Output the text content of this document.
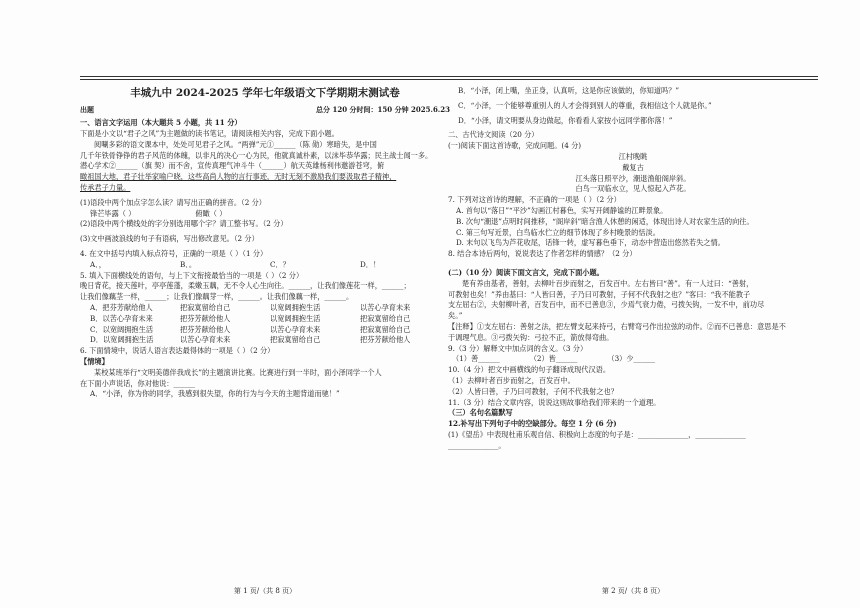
丰城九中 2024-2025 学年七年级语文下学期期末测试卷
出题	总分 120 分时间：150 分钟 2025.6.23

一、语言文字运用（本大题共 5 小题，共 11 分）

下面是小文以“君子之风”为主题做的读书笔记，请阅读相关内容，完成下面小题。

阅唰多彩的语文课本中，处处可见君子之风。“两弹”元①______（陈 勋）寒暗失，是中国

几千年铁骨铮铮的君子风范的体魄，以非凡的决心一心为民，他就真诚朴素，以沫毕恭华露；民主战士闻一多。

潜心学术②______（旗 契）而不舍，宣传真理气冲斗牛（______）航天英雄杨利伟邀游苍穹，俯

瞰祖国大地，君子壮举家喻户晓，这些高尚人物的言行事迹，无时无刻不激励我们要汲取君子精神，

传承君子力量。

(1)语段中两个加点字怎么读？请写出正确的拼音。（2 分）

锋芒毕露（ ）	俯瞰（ ）

(2)语段中两个横线处的字分别选用哪个字？请工整书写。（2 分）

(3)文中画波浪线的句子有语病，写出修改意见。（2 分）

4. 在文中括号内填入标点符号，正确的一项是（ ）（1 分）

A．，	B．。	C．？	D．！

5. 填入下面横线处的语句，与上下文衔接最恰当的一项是（ ）（2 分）

晚日背花，接天莲叶，亭亭莲蓬，柔嫩玉藕，无不令人心生向往。______，让我们像莲花一样，______；

让我们像藕茎一样，______；让我们像藕芽一样，______。让我们像藕一样，______。

A．把芬芳献给他人	把寂寞留给自己	以宽阔拥抱生活	以苦心孕育未来
B．以苦心孕育未来	把芬芳献给他人	以宽阔拥抱生活	把寂寞留给自己
C．以宽阔拥抱生活	把芬芳献给他人	以苦心孕育未来	把寂寞留给自己
D．以宽阔拥抱生活	以苦心孕育未来	把寂寞留给自己	把芬芳献给他人

6. 下面情境中，说话人语言表达最得体的一项是（ ）（2 分）

【情境】

某校某班举行“文明美德伴我成长”的主题演讲比赛。比赛进行到一半时，面小泽同学一个人

在下面小声说话，你对他说：______

A．“小泽，你为你的同学，我感到很失望，你的行为与今天的主题背道而驰！”

第 1 页/（共 8 页）

B．“小泽，闭上嘴，坐正身，认真听，这是你应该做的，你知道吗？”

C．“小泽，一个能够尊重别人的人才会得到别人的尊重，我相信这个人就是你。”

D．“小泽，请文明要从身边做起，你看看人家按小远同学都你落！”

二、古代诗文阅读（20 分）

(一)阅读下面这首诗歌，完成问题。(4 分)

江村晚眺

戴复古

江头落日照平沙，潮退渔船阁岸斜。

白鸟一双临水立，见人惊起入芦花。

7. 下列对这首诗的理解，不正确的一项是（ ）（2 分）

A. 首句以“落日”“平沙”勾画江村暮色，实写开阔静谧的江畔景象。

B. 次句“潮退”点明时间推移，“阁岸斜”暗含渔人休憩的闲适，体现出诗人对农家生活的向往。

C. 第三句写近景，白鸟临水伫立的细节体现了乡村晚景的恬淡。

D. 末句以飞鸟为芦花收尾，话锋一转，虚写暮色垂下，动态中营造出悠然若失之情。

8. 结合本诗后两句，说说表达了作者怎样的情感？（2 分）

(二)（10 分）阅读下面文言文，完成下面小题。

楚有养由基者，善射，去柳叶百步而射之，百发百中。左右皆曰“善”。有一人过曰：“善射，

可教射也矣！”养由基曰：“人皆曰善，子乃曰可教射，子何不代我射之也？”客曰：“我不能教子

支左屈右②，夫射柳叶者，百发百中，而不已善息③，少焉气衰力倦，弓拨矢钩，一发不中，前功尽

矣。”

【注释】①支左屈右：善射之法，把左臂支起来持弓，右臂弯弓作出拉弦的动作。②而不已善息：意思是不

于调理气息。③弓拨矢钩：弓拉不正，箭放得弯曲。

9.（3 分）解释文中加点词的含义。（3 分）

（1）善______	（2）皆______	（3）少______

10.（4 分）把文中画横线的句子翻译成现代汉语。

（1）去柳叶者百步而射之，百发百中。

（2）人皆曰善，子乃曰可教射，子何不代我射之也？

11.（3 分）结合文章内容，说说这则故事给我们带来的一个道理。

（三）名句名篇默写

12.补写出下列句子中的空缺部分。每空 1 分 (6 分)

(1)《望岳》中表现杜甫乐观自信、积极向上态度的句子是：______________，______________

______________。

第 2 页/（共 8 页）
